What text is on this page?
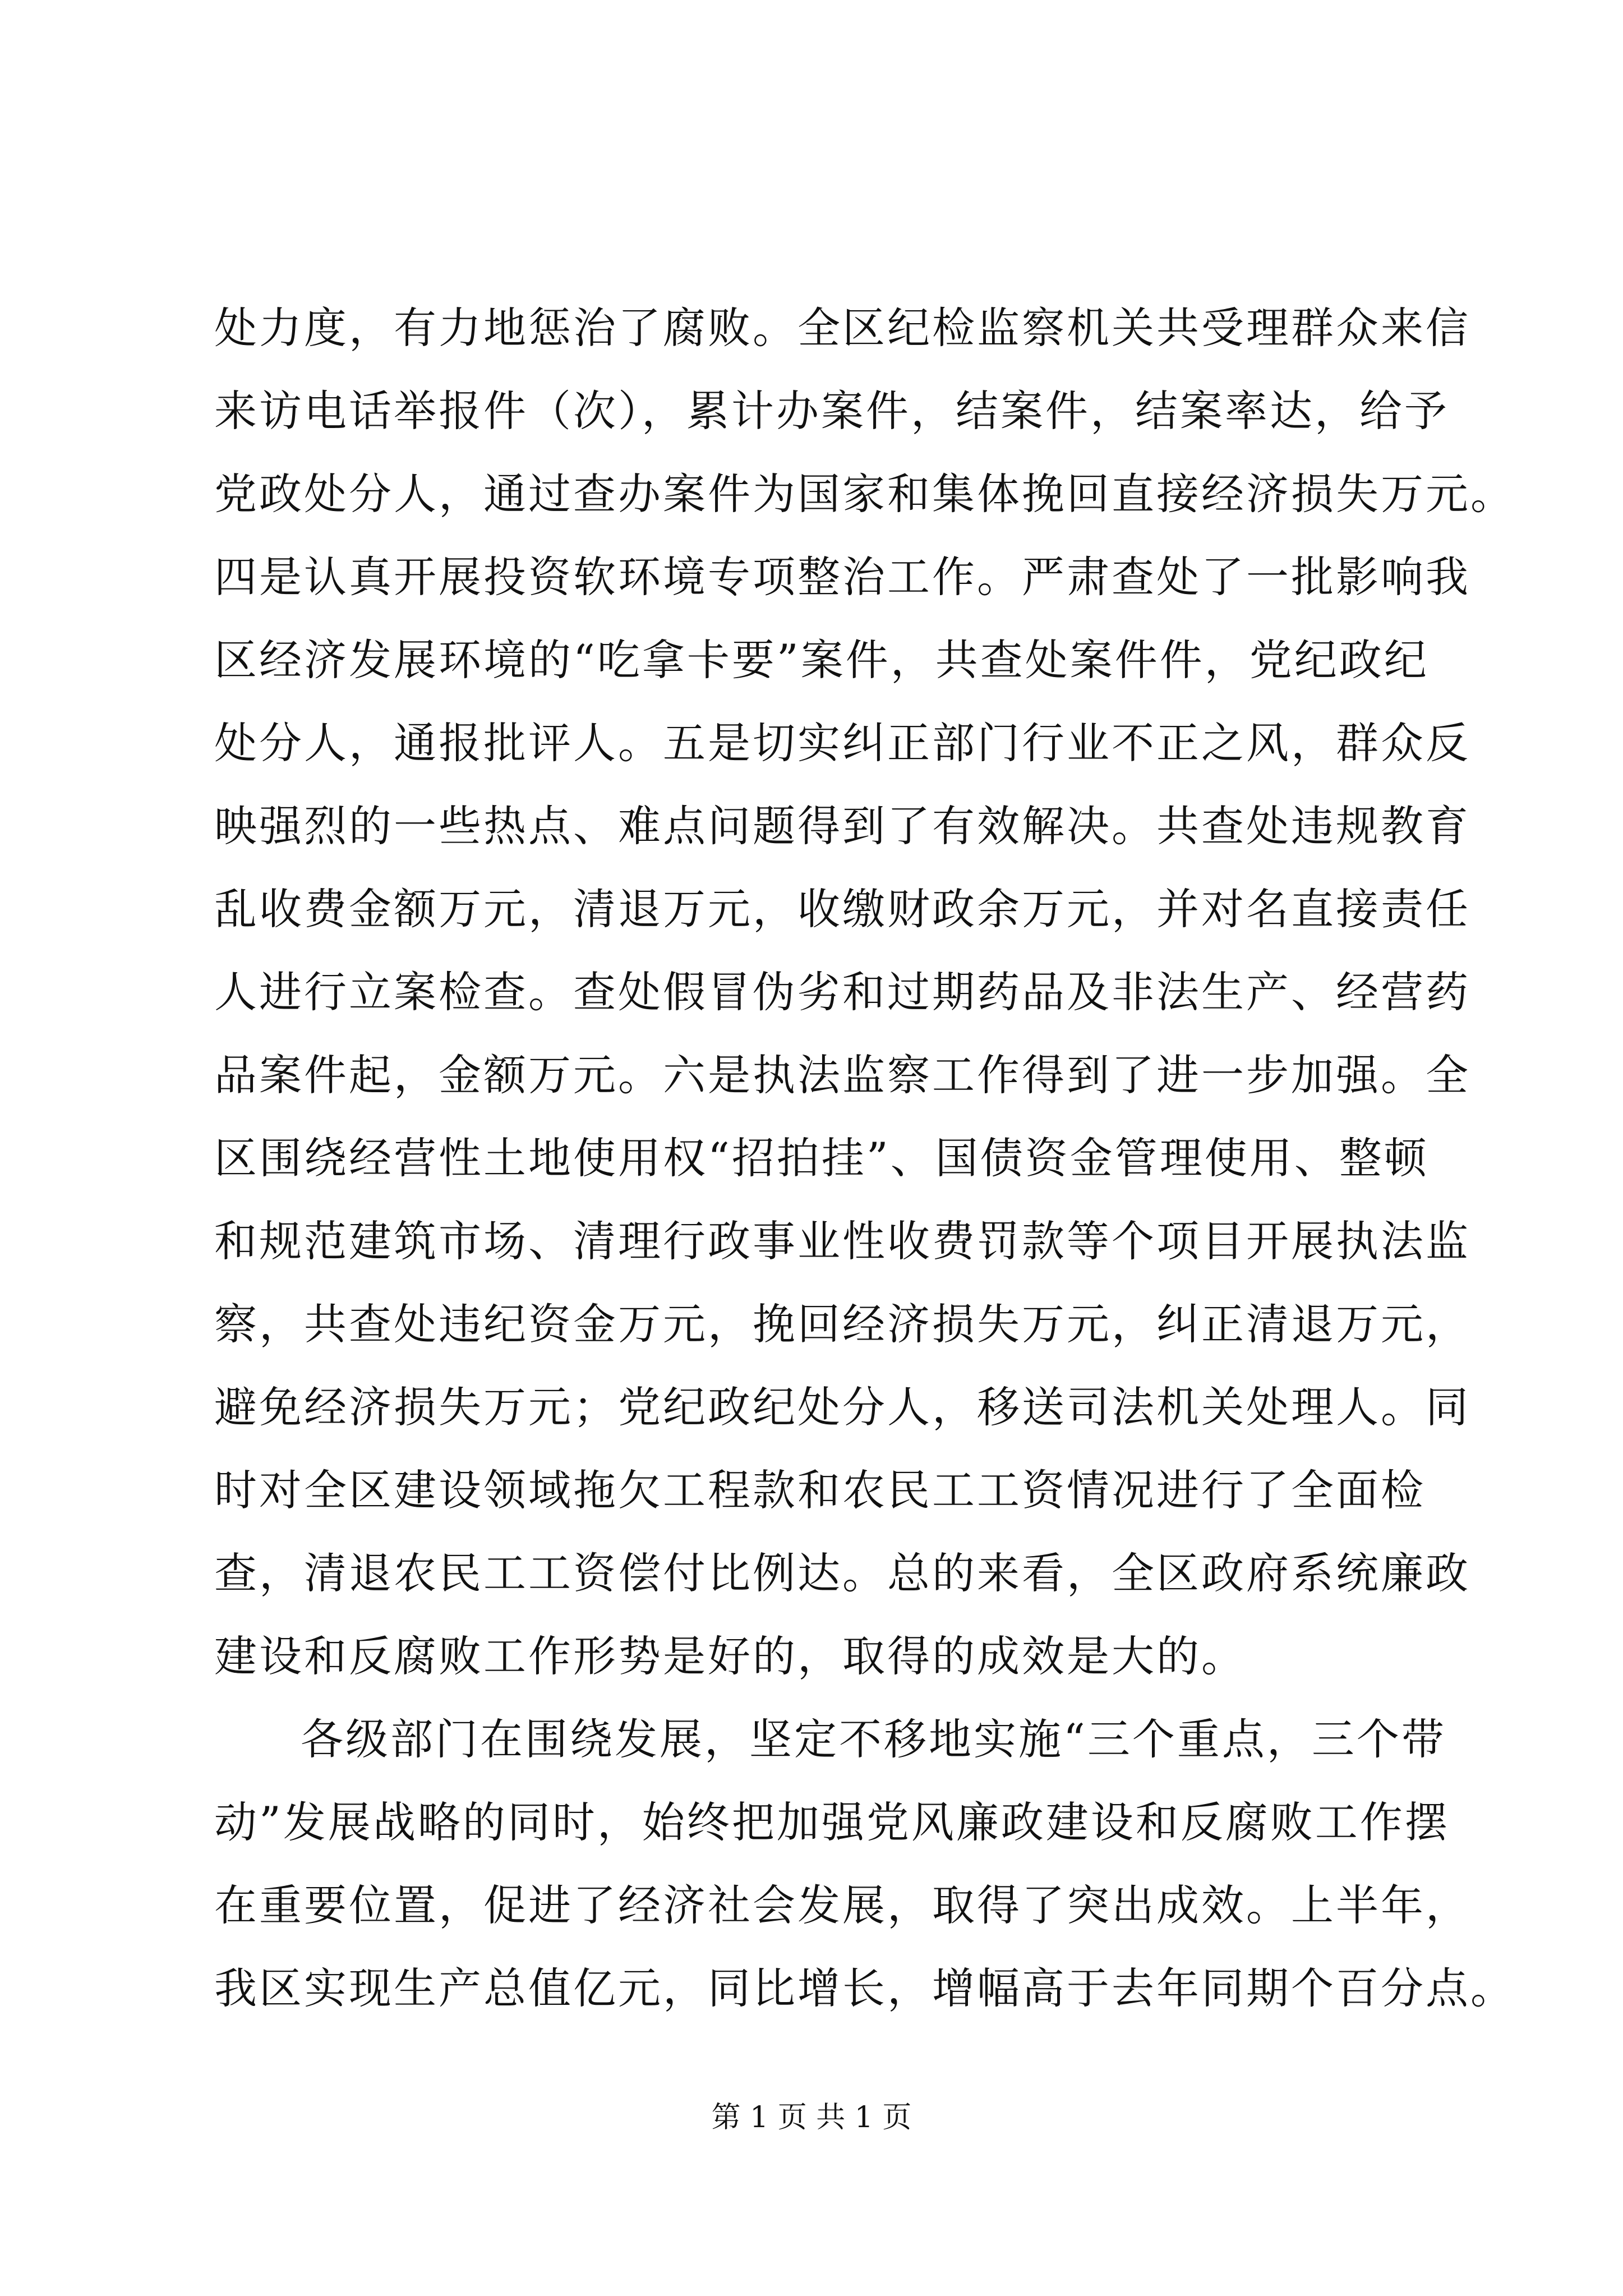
处力度，有力地惩治了腐败。全区纪检监察机关共受理群众来信
来访电话举报件（次），累计办案件，结案件，结案率达，给予
党政处分人，通过查办案件为国家和集体挽回直接经济损失万元。
四是认真开展投资软环境专项整治工作。严肃查处了一批影响我
区经济发展环境的“吃拿卡要”案件，共查处案件件，党纪政纪
处分人，通报批评人。五是切实纠正部门行业不正之风，群众反
映强烈的一些热点、难点问题得到了有效解决。共查处违规教育
乱收费金额万元，清退万元，收缴财政余万元，并对名直接责任
人进行立案检查。查处假冒伪劣和过期药品及非法生产、经营药
品案件起，金额万元。六是执法监察工作得到了进一步加强。全
区围绕经营性土地使用权“招拍挂”、国债资金管理使用、整顿
和规范建筑市场、清理行政事业性收费罚款等个项目开展执法监
察，共查处违纪资金万元，挽回经济损失万元，纠正清退万元，
避免经济损失万元；党纪政纪处分人，移送司法机关处理人。同
时对全区建设领域拖欠工程款和农民工工资情况进行了全面检
查，清退农民工工资偿付比例达。总的来看，全区政府系统廉政
建设和反腐败工作形势是好的，取得的成效是大的。
各级部门在围绕发展，坚定不移地实施“三个重点，三个带
动”发展战略的同时，始终把加强党风廉政建设和反腐败工作摆
在重要位置，促进了经济社会发展，取得了突出成效。上半年，
我区实现生产总值亿元，同比增长，增幅高于去年同期个百分点。
第 1 页 共 1 页
